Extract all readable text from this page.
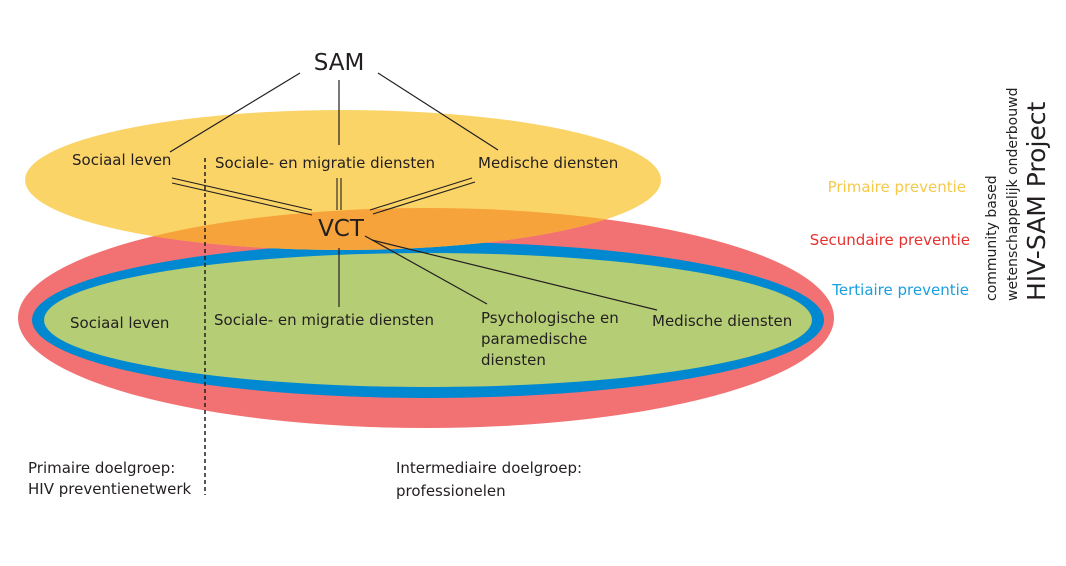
SAM
VCT
Sociaal leven	Sociale- en migratie diensten	Medische diensten
Sociaal leven	Sociale- en migratie diensten	Medische diensten
Psychologische en
paramedische
diensten
Primaire preventie
Secundaire preventie
Tertiaire preventie community based wetenschappelijk onderbouwd HIV-SAM Project
Primaire doelgroep:
HIV preventienetwerk
Intermediaire doelgroep:
professionelen
